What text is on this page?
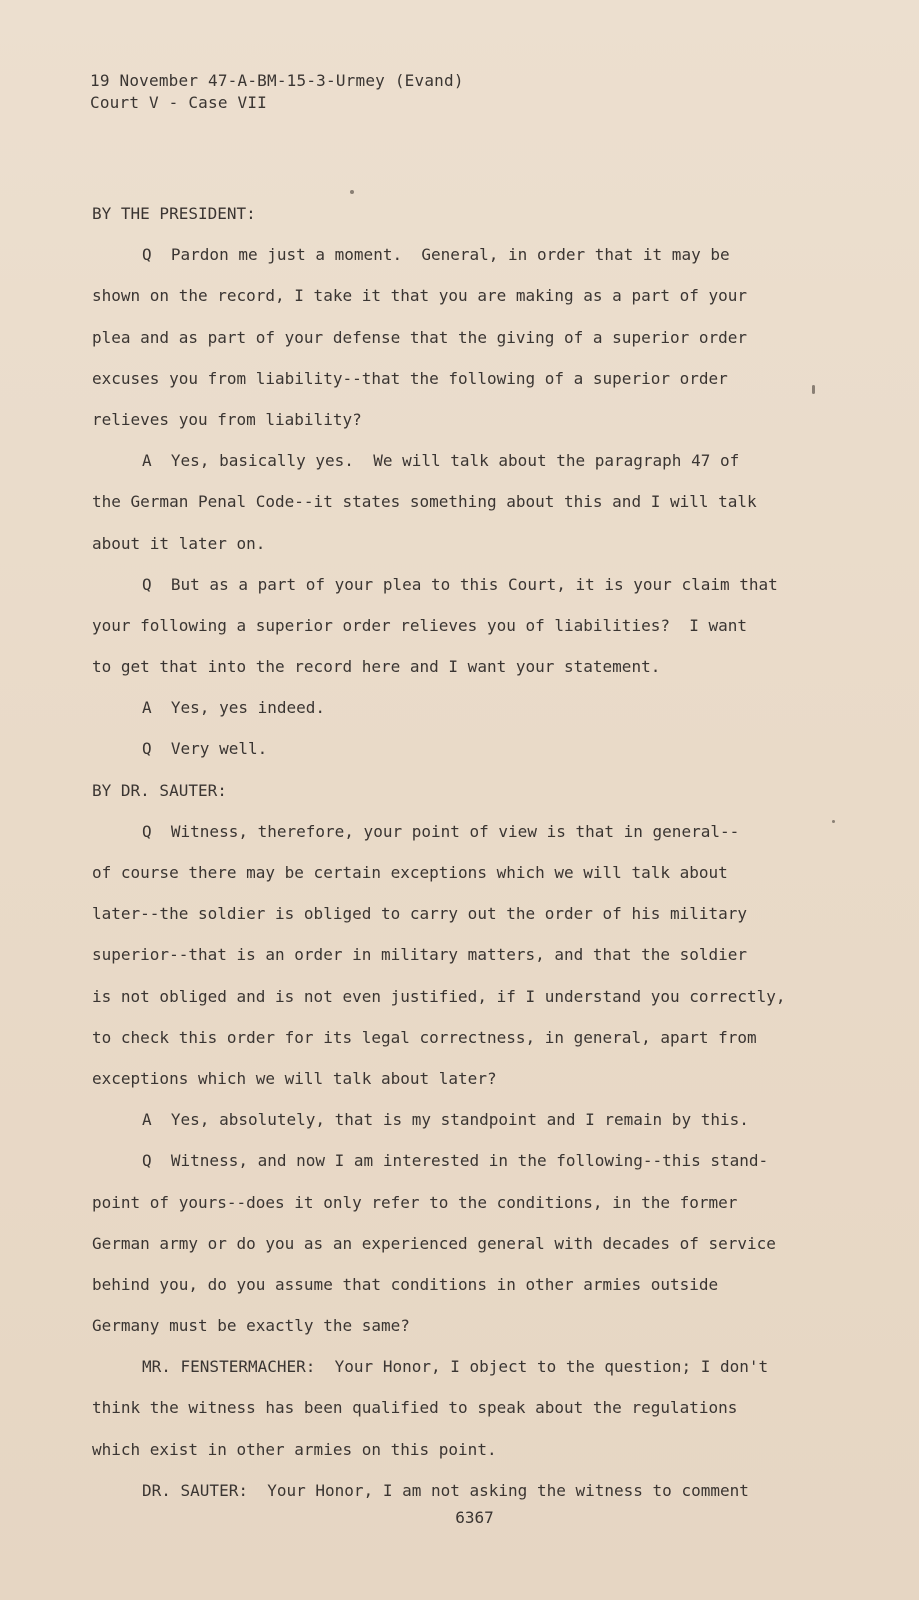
19 November 47-A-BM-15-3-Urmey (Evand)
Court V - Case VII
BY THE PRESIDENT:
Q  Pardon me just a moment.  General, in order that it may be
shown on the record, I take it that you are making as a part of your
plea and as part of your defense that the giving of a superior order
excuses you from liability--that the following of a superior order
relieves you from liability?
A  Yes, basically yes.  We will talk about the paragraph 47 of
the German Penal Code--it states something about this and I will talk
about it later on.
Q  But as a part of your plea to this Court, it is your claim that
your following a superior order relieves you of liabilities?  I want
to get that into the record here and I want your statement.
A  Yes, yes indeed.
Q  Very well.
BY DR. SAUTER:
Q  Witness, therefore, your point of view is that in general--
of course there may be certain exceptions which we will talk about
later--the soldier is obliged to carry out the order of his military
superior--that is an order in military matters, and that the soldier
is not obliged and is not even justified, if I understand you correctly,
to check this order for its legal correctness, in general, apart from
exceptions which we will talk about later?
A  Yes, absolutely, that is my standpoint and I remain by this.
Q  Witness, and now I am interested in the following--this stand-
point of yours--does it only refer to the conditions, in the former
German army or do you as an experienced general with decades of service
behind you, do you assume that conditions in other armies outside
Germany must be exactly the same?
MR. FENSTERMACHER:  Your Honor, I object to the question; I don't
think the witness has been qualified to speak about the regulations
which exist in other armies on this point.
DR. SAUTER:  Your Honor, I am not asking the witness to comment
6367
